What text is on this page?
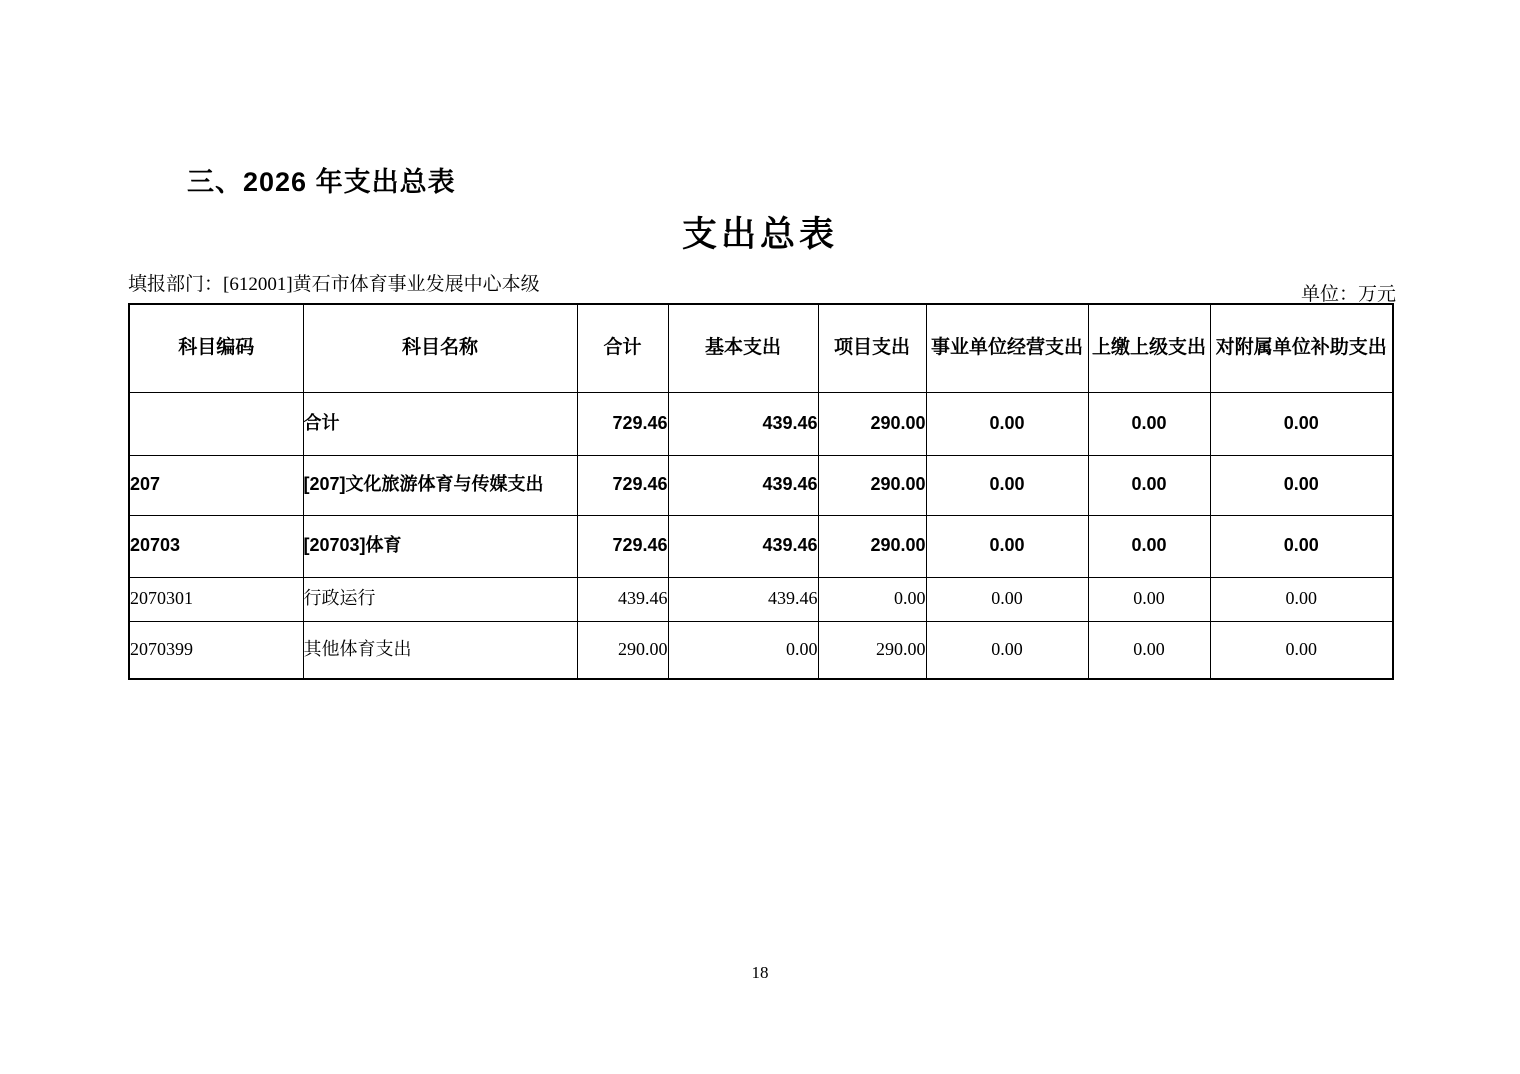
三、2026 年支出总表
支出总表
填报部门：[612001]黄石市体育事业发展中心本级	单位：万元
科目编码	科目名称	合计	基本支出	项目支出	事业单位经营支出	上缴上级支出	对附属单位补助支出
	合计	729.46	439.46	290.00	0.00	0.00	0.00
207	[207]文化旅游体育与传媒支出	729.46	439.46	290.00	0.00	0.00	0.00
20703	[20703]体育	729.46	439.46	290.00	0.00	0.00	0.00
2070301	行政运行	439.46	439.46	0.00	0.00	0.00	0.00
2070399	其他体育支出	290.00	0.00	290.00	0.00	0.00	0.00
18
